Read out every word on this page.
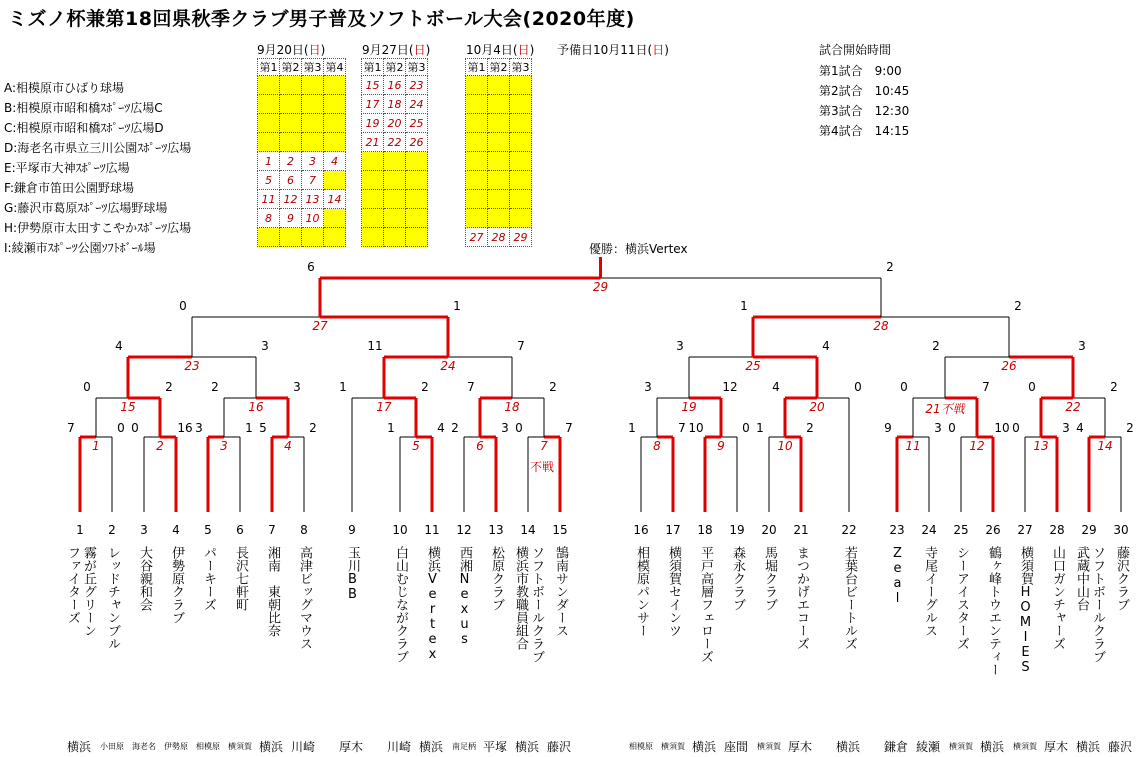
ミズノ杯兼第18回県秋季クラブ男子普及ソフトボール大会(2020年度)
9月20日(日)	9月27日(日)	10月4日(日) 予備日10月11日(日)
A:相模原市ひばり球場
B:相模原市昭和橋ｽﾎﾟｰﾂ広場C
C:相模原市昭和橋ｽﾎﾟｰﾂ広場D
D:海老名市県立三川公園ｽﾎﾟｰﾂ広場
E:平塚市大神ｽﾎﾟｰﾂ広場
F:鎌倉市笛田公園野球場
G:藤沢市葛原ｽﾎﾟｰﾂ広場野球場
H:伊勢原市太田すこやかｽﾎﾟｰﾂ広場
I:綾瀬市ｽﾎﾟｰﾂ公園ｿﾌﾄﾎﾞｰﾙ場
第1	第2	第3	第4

1	2	3	4
5	6	7	
11	12	13	14
8	9	10	

第1	第2	第3
15	16	23
17	18	24
19	20	25
21	22	26

第1	第2	第3

27	28	29
試合開始時間
第1試合　9:00
第2試合　10:45
第3試合　12:30
第4試合　14:15
優勝：横浜Vertex
7	0
1
0	16
2
3	1
3
5	2
4
1	4
5
2	3
6
0	7
7
1	7
8
10	0
9
1	2
10
9	3
11
0	10
12
0	3
13
4	2
14
0	2
15
2	3
16
1	2
17
7	2
18
3	12
19
4	0
20
0	7
21不戦
0	2
22
4	3
23
11	7
24
3	4
25
2	3
26
0	1
27
1	2
28
6	2
29
1
霧が丘グリーン
ファイターズ
2
レッドチャンブル
3
大谷親和会
4
伊勢原クラブ
5
パーキーズ
6
長沢七軒町
7
湘南　東朝比奈
8
高津ビッグマウス
9
玉川BB
10
白山むじながクラブ
11
横浜Vertex
12
西湘Nexus
13
松原クラブ
14
ソフトボールクラブ
横浜市教職員組合
15
鵠南サンダース
16
相模原パンサー
17
横須賀セインツ
18
平戸高層フェローズ
19
森永クラブ
20
馬堀クラブ
21
まつかげエコーズ
22
若葉台ビートルズ
23
Zeal
24
寺尾イーグルス
25
シーアイスターズ
26
鶴ヶ峰トウエンティー
27
横須賀HOMIES
28
山口ガンチャーズ
29
ソフトボールクラブ
武蔵中山台
30
藤沢クラブ
横浜 小田原 海老名 伊勢原 相模原 横須賀 横浜 川崎 厚木 川崎 横浜 南足柄 平塚 横浜 藤沢	相模原 横須賀 横浜 座間 横須賀 厚木 横浜 鎌倉 綾瀬 横須賀 横浜 横須賀 厚木 横浜 藤沢
不戦
